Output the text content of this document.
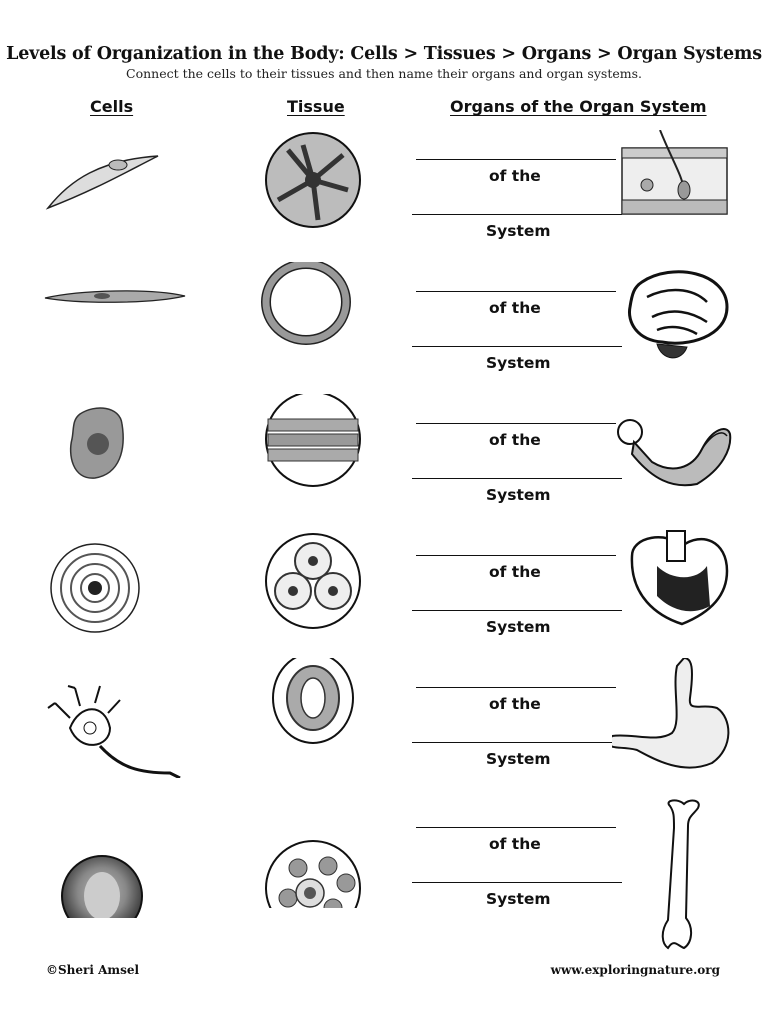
Levels of Organization in the Body: Cells > Tissues > Organs > Organ Systems
Connect the cells to their tissues and then name their organs and organ systems.
Cells	Tissue	Organs of the Organ System
of the
System
of the
System
of the
System
of the
System
of the
System
of the
System
©Sheri Amsel	www.exploringnature.org
